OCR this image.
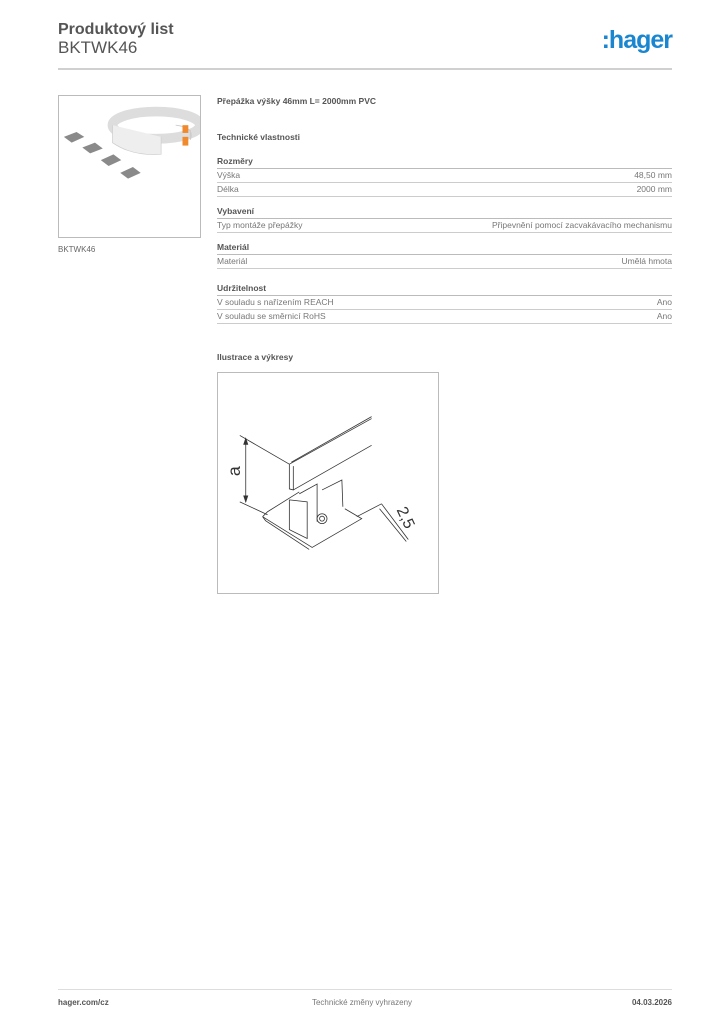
Produktový list
BKTWK46	:hager
BKTWK46
Přepážka výšky 46mm L= 2000mm PVC
Technické vlastnosti
Rozměry
Výška	48,50 mm
Délka	2000 mm
Vybavení
Typ montáže přepážky	Připevnění pomocí zacvakávacího mechanismu
Materiál
Materiál	Umělá hmota
Udržitelnost
V souladu s nařízením REACH	Ano
V souladu se směrnicí RoHS	Ano
Ilustrace a výkresy
a
2,5
hager.com/cz	Technické změny vyhrazeny	04.03.2026
